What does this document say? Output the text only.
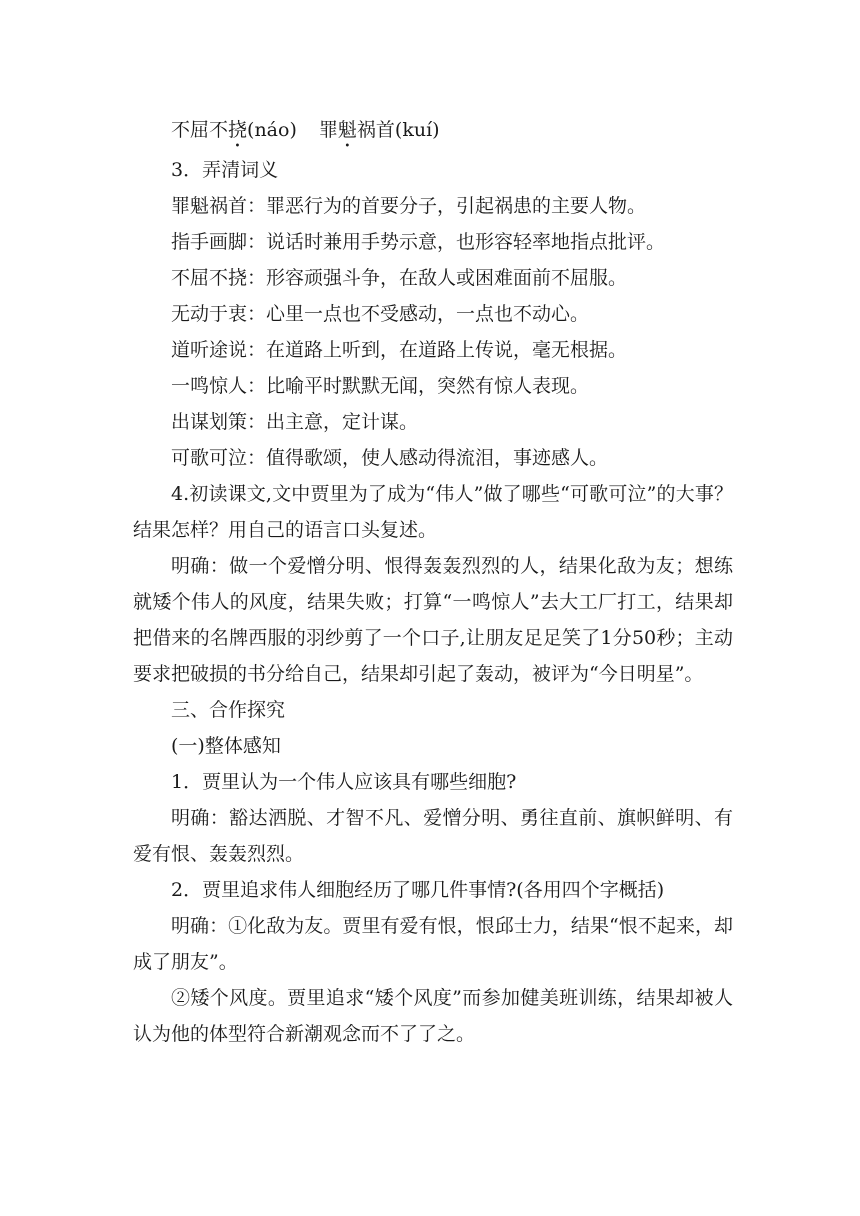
不屈不挠(náo) 罪魁祸首(kuí)

3．弄清词义

罪魁祸首：罪恶行为的首要分子，引起祸患的主要人物。

指手画脚：说话时兼用手势示意，也形容轻率地指点批评。

不屈不挠：形容顽强斗争，在敌人或困难面前不屈服。

无动于衷：心里一点也不受感动，一点也不动心。

道听途说：在道路上听到，在道路上传说，毫无根据。

一鸣惊人：比喻平时默默无闻，突然有惊人表现。

出谋划策：出主意，定计谋。

可歌可泣：值得歌颂，使人感动得流泪，事迹感人。

4.初读课文,文中贾里为了成为“伟人”做了哪些“可歌可泣”的大事？结果怎样？用自己的语言口头复述。

明确：做一个爱憎分明、恨得轰轰烈烈的人，结果化敌为友；想练就矮个伟人的风度，结果失败；打算“一鸣惊人”去大工厂打工，结果却把借来的名牌西服的羽纱剪了一个口子,让朋友足足笑了1分50秒；主动要求把破损的书分给自己，结果却引起了轰动，被评为“今日明星”。

三、合作探究

(一)整体感知

1．贾里认为一个伟人应该具有哪些细胞?

明确：豁达洒脱、才智不凡、爱憎分明、勇往直前、旗帜鲜明、有爱有恨、轰轰烈烈。

2．贾里追求伟人细胞经历了哪几件事情?(各用四个字概括)

明确：①化敌为友。贾里有爱有恨，恨邱士力，结果“恨不起来，却成了朋友”。

②矮个风度。贾里追求“矮个风度”而参加健美班训练，结果却被人认为他的体型符合新潮观念而不了了之。
